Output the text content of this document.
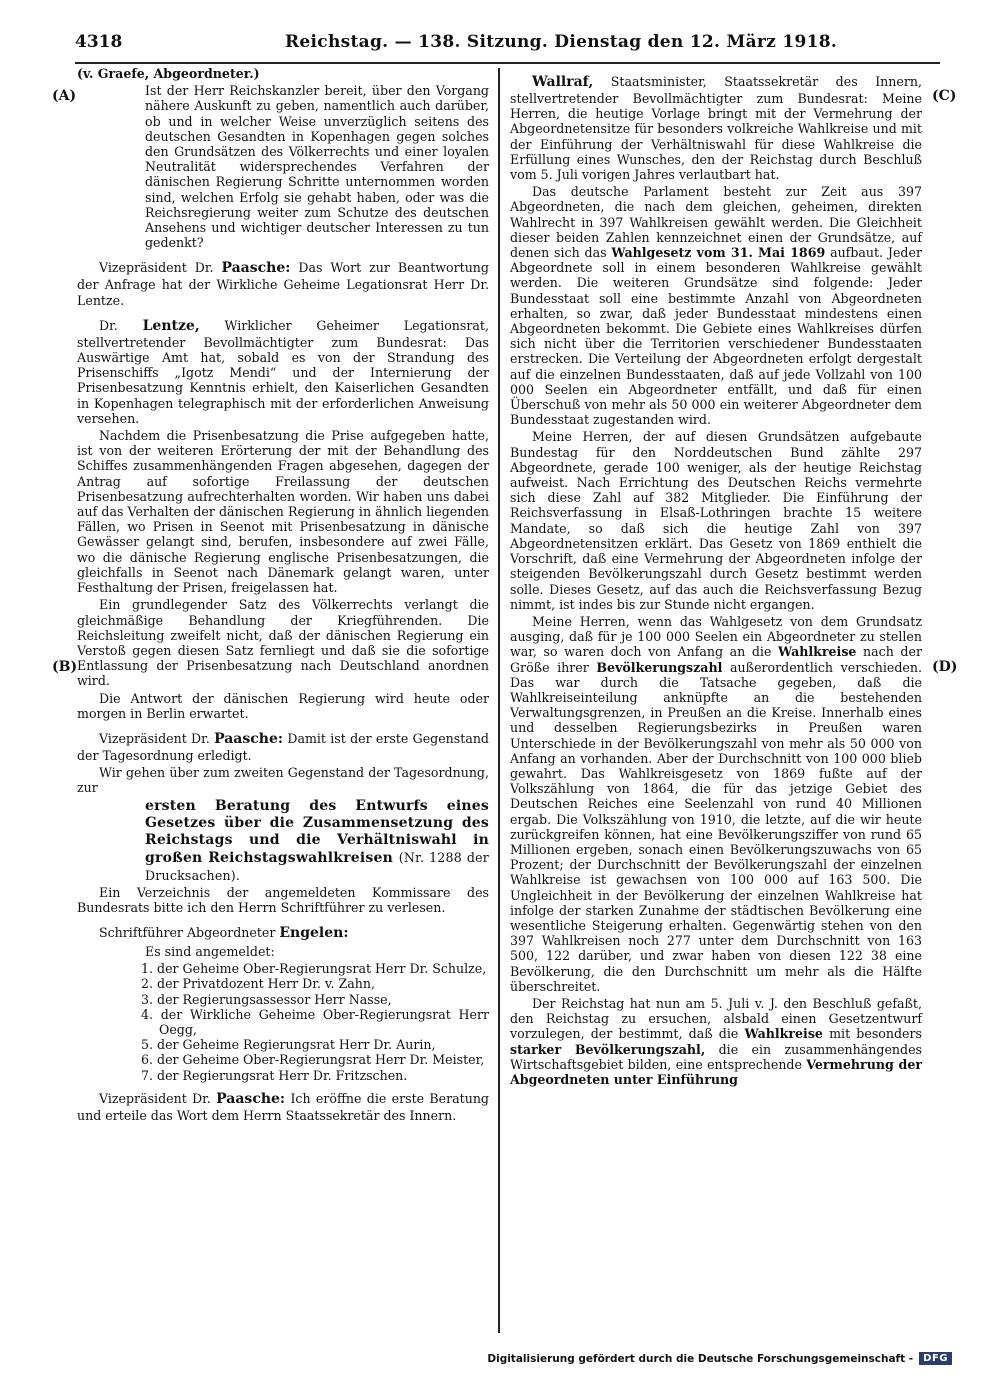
4318	Reichstag. — 138. Sitzung. Dienstag den 12. März 1918.
(A)
(B)
(C)
(D)

(v. Graefe, Abgeordneter.)

Ist der Herr Reichskanzler bereit, über den Vorgang nähere Auskunft zu geben, namentlich auch darüber, ob und in welcher Weise unverzüglich seitens des deutschen Gesandten in Kopenhagen gegen solches den Grundsätzen des Völkerrechts und einer loyalen Neutralität widersprechendes Verfahren der dänischen Regierung Schritte unternommen worden sind, welchen Erfolg sie gehabt haben, oder was die Reichsregierung weiter zum Schutze des deutschen Ansehens und wichtiger deutscher Interessen zu tun gedenkt?

Vizepräsident Dr. Paasche: Das Wort zur Beantwortung der Anfrage hat der Wirkliche Geheime Legationsrat Herr Dr. Lentze.

Dr. Lentze, Wirklicher Geheimer Legationsrat, stellvertretender Bevollmächtigter zum Bundesrat: Das Auswärtige Amt hat, sobald es von der Strandung des Prisenschiffs „Igotz Mendi“ und der Internierung der Prisenbesatzung Kenntnis erhielt, den Kaiserlichen Gesandten in Kopenhagen telegraphisch mit der erforderlichen Anweisung versehen.

Nachdem die Prisenbesatzung die Prise aufgegeben hatte, ist von der weiteren Erörterung der mit der Behandlung des Schiffes zusammenhängenden Fragen abgesehen, dagegen der Antrag auf sofortige Freilassung der deutschen Prisenbesatzung aufrechterhalten worden. Wir haben uns dabei auf das Verhalten der dänischen Regierung in ähnlich liegenden Fällen, wo Prisen in Seenot mit Prisenbesatzung in dänische Gewässer gelangt sind, berufen, insbesondere auf zwei Fälle, wo die dänische Regierung englische Prisenbesatzungen, die gleichfalls in Seenot nach Dänemark gelangt waren, unter Festhaltung der Prisen, freigelassen hat.

Ein grundlegender Satz des Völkerrechts verlangt die gleichmäßige Behandlung der Kriegführenden. Die Reichsleitung zweifelt nicht, daß der dänischen Regierung ein Verstoß gegen diesen Satz fernliegt und daß sie die sofortige Entlassung der Prisenbesatzung nach Deutschland anordnen wird.

Die Antwort der dänischen Regierung wird heute oder morgen in Berlin erwartet.

Vizepräsident Dr. Paasche: Damit ist der erste Gegenstand der Tagesordnung erledigt.

Wir gehen über zum zweiten Gegenstand der Tagesordnung, zur

ersten Beratung des Entwurfs eines Gesetzes über die Zusammensetzung des Reichstags und die Verhältniswahl in großen Reichstagswahlkreisen (Nr. 1288 der Drucksachen).

Ein Verzeichnis der angemeldeten Kommissare des Bundesrats bitte ich den Herrn Schriftführer zu verlesen.

Schriftführer Abgeordneter Engelen:

Es sind angemeldet:

1. der Geheime Ober-Regierungsrat Herr Dr. Schulze,
2. der Privatdozent Herr Dr. v. Zahn,
3. der Regierungsassessor Herr Nasse,
4. der Wirkliche Geheime Ober-Regierungsrat Herr Oegg,
5. der Geheime Regierungsrat Herr Dr. Aurin,
6. der Geheime Ober-Regierungsrat Herr Dr. Meister,
7. der Regierungsrat Herr Dr. Fritzschen.

Vizepräsident Dr. Paasche: Ich eröffne die erste Beratung und erteile das Wort dem Herrn Staatssekretär des Innern.

Wallraf, Staatsminister, Staatssekretär des Innern, stellvertretender Bevollmächtigter zum Bundesrat: Meine Herren, die heutige Vorlage bringt mit der Vermehrung der Abgeordnetensitze für besonders volkreiche Wahlkreise und mit der Einführung der Verhältniswahl für diese Wahlkreise die Erfüllung eines Wunsches, den der Reichstag durch Beschluß vom 5. Juli vorigen Jahres verlautbart hat.

Das deutsche Parlament besteht zur Zeit aus 397 Abgeordneten, die nach dem gleichen, geheimen, direkten Wahlrecht in 397 Wahlkreisen gewählt werden. Die Gleichheit dieser beiden Zahlen kennzeichnet einen der Grundsätze, auf denen sich das Wahlgesetz vom 31. Mai 1869 aufbaut. Jeder Abgeordnete soll in einem besonderen Wahlkreise gewählt werden. Die weiteren Grundsätze sind folgende: Jeder Bundesstaat soll eine bestimmte Anzahl von Abgeordneten erhalten, so zwar, daß jeder Bundesstaat mindestens einen Abgeordneten bekommt. Die Gebiete eines Wahlkreises dürfen sich nicht über die Territorien verschiedener Bundesstaaten erstrecken. Die Verteilung der Abgeordneten erfolgt dergestalt auf die einzelnen Bundesstaaten, daß auf jede Vollzahl von 100 000 Seelen ein Abgeordneter entfällt, und daß für einen Überschuß von mehr als 50 000 ein weiterer Abgeordneter dem Bundesstaat zugestanden wird.

Meine Herren, der auf diesen Grundsätzen aufgebaute Bundestag für den Norddeutschen Bund zählte 297 Abgeordnete, gerade 100 weniger, als der heutige Reichstag aufweist. Nach Errichtung des Deutschen Reichs vermehrte sich diese Zahl auf 382 Mitglieder. Die Einführung der Reichsverfassung in Elsaß-Lothringen brachte 15 weitere Mandate, so daß sich die heutige Zahl von 397 Abgeordnetensitzen erklärt. Das Gesetz von 1869 enthielt die Vorschrift, daß eine Vermehrung der Abgeordneten infolge der steigenden Bevölkerungszahl durch Gesetz bestimmt werden solle. Dieses Gesetz, auf das auch die Reichsverfassung Bezug nimmt, ist indes bis zur Stunde nicht ergangen.

Meine Herren, wenn das Wahlgesetz von dem Grundsatz ausging, daß für je 100 000 Seelen ein Abgeordneter zu stellen war, so waren doch von Anfang an die Wahlkreise nach der Größe ihrer Bevölkerungszahl außerordentlich verschieden. Das war durch die Tatsache gegeben, daß die Wahlkreiseinteilung anknüpfte an die bestehenden Verwaltungsgrenzen, in Preußen an die Kreise. Innerhalb eines und desselben Regierungsbezirks in Preußen waren Unterschiede in der Bevölkerungszahl von mehr als 50 000 von Anfang an vorhanden. Aber der Durchschnitt von 100 000 blieb gewahrt. Das Wahlkreisgesetz von 1869 fußte auf der Volkszählung von 1864, die für das jetzige Gebiet des Deutschen Reiches eine Seelenzahl von rund 40 Millionen ergab. Die Volkszählung von 1910, die letzte, auf die wir heute zurückgreifen können, hat eine Bevölkerungsziffer von rund 65 Millionen ergeben, sonach einen Bevölkerungszuwachs von 65 Prozent; der Durchschnitt der Bevölkerungszahl der einzelnen Wahlkreise ist gewachsen von 100 000 auf 163 500. Die Ungleichheit in der Bevölkerung der einzelnen Wahlkreise hat infolge der starken Zunahme der städtischen Bevölkerung eine wesentliche Steigerung erhalten. Gegenwärtig stehen von den 397 Wahlkreisen noch 277 unter dem Durchschnitt von 163 500, 122 darüber, und zwar haben von diesen 122 38 eine Bevölkerung, die den Durchschnitt um mehr als die Hälfte überschreitet.

Der Reichstag hat nun am 5. Juli v. J. den Beschluß gefaßt, den Reichstag zu ersuchen, alsbald einen Gesetzentwurf vorzulegen, der bestimmt, daß die Wahlkreise mit besonders starker Bevölkerungszahl, die ein zusammenhängendes Wirtschaftsgebiet bilden, eine entsprechende Vermehrung der Abgeordneten unter Einführung

Digitalisierung gefördert durch die Deutsche Forschungsgemeinschaft -	DFG
